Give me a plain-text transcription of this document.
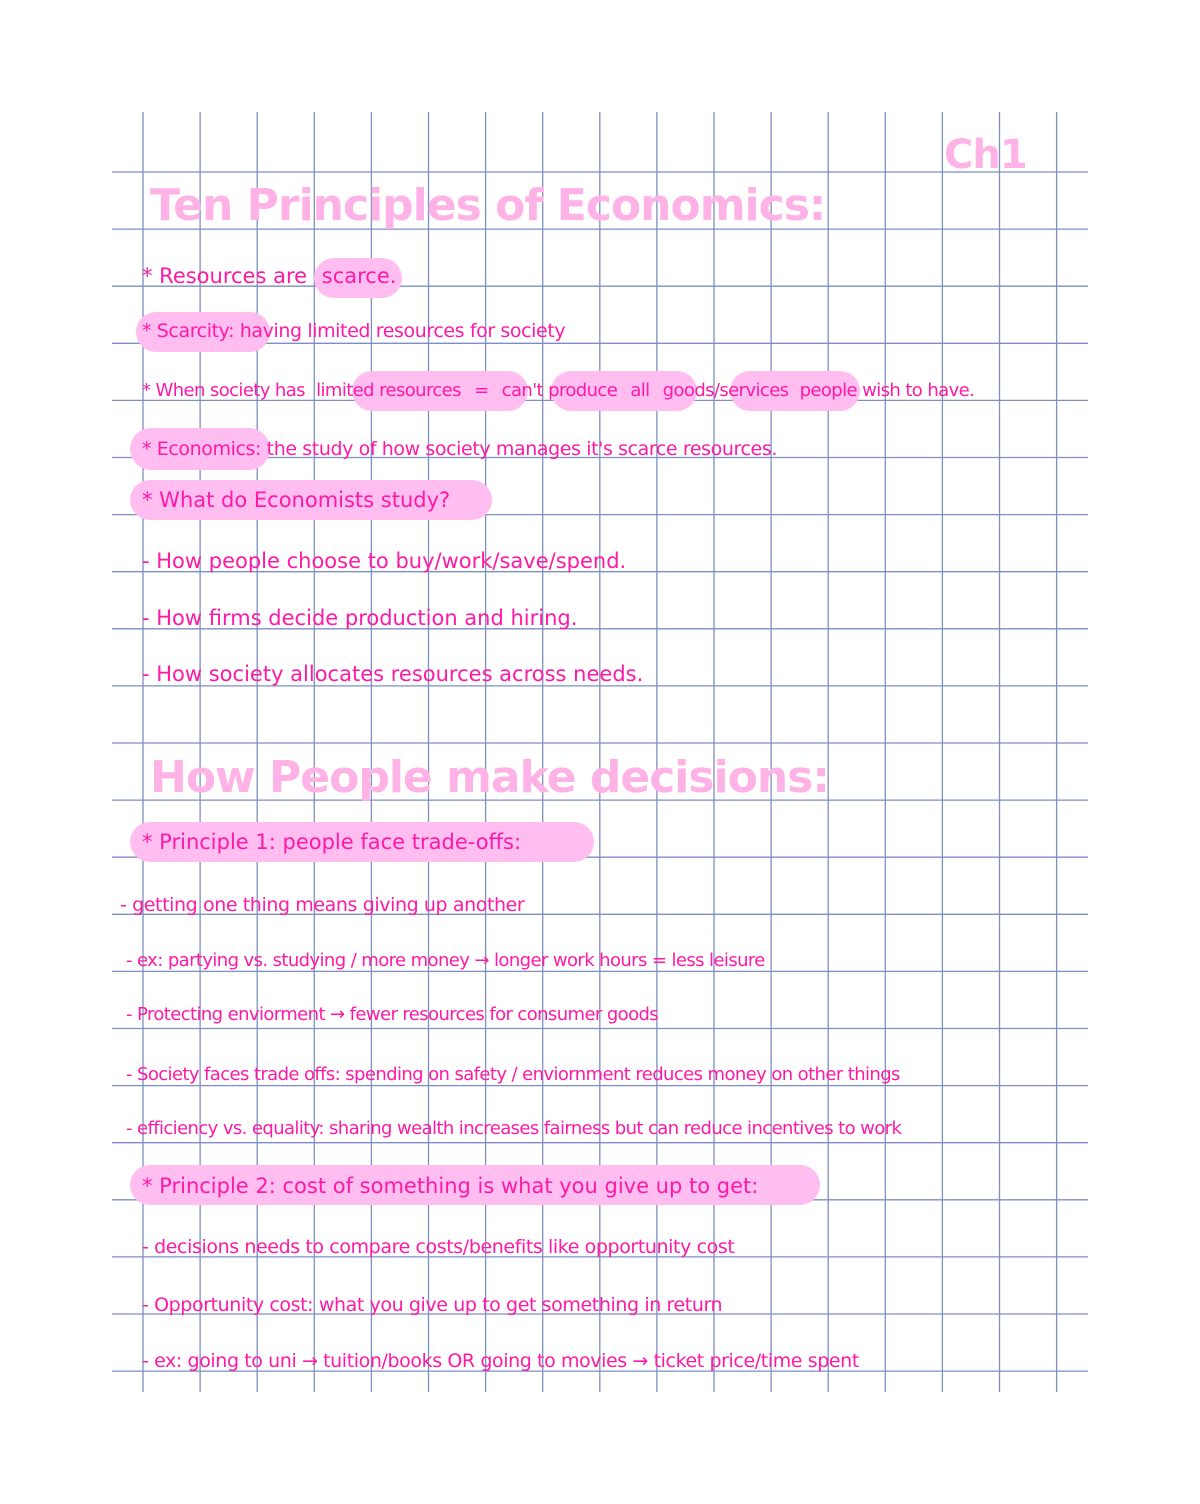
Ch1
Ten Principles of Economics:
* Resources are scarce.
* Scarcity: having limited resources for society
* When society has limited resources = can't produce all goods/services people wish to have.
* Economics: the study of how society manages it's scarce resources.
* What do Economists study?
- How people choose to buy/work/save/spend.
- How firms decide production and hiring.
- How society allocates resources across needs.
How People make decisions:
* Principle 1: people face trade-offs:
- getting one thing means giving up another
- ex: partying vs. studying / more money → longer work hours = less leisure
- Protecting enviorment → fewer resources for consumer goods
- Society faces trade offs: spending on safety / enviornment reduces money on other things
- efficiency vs. equality: sharing wealth increases fairness but can reduce incentives to work
* Principle 2: cost of something is what you give up to get:
- decisions needs to compare costs/benefits like opportunity cost
- Opportunity cost: what you give up to get something in return
- ex: going to uni → tuition/books OR going to movies → ticket price/time spent
